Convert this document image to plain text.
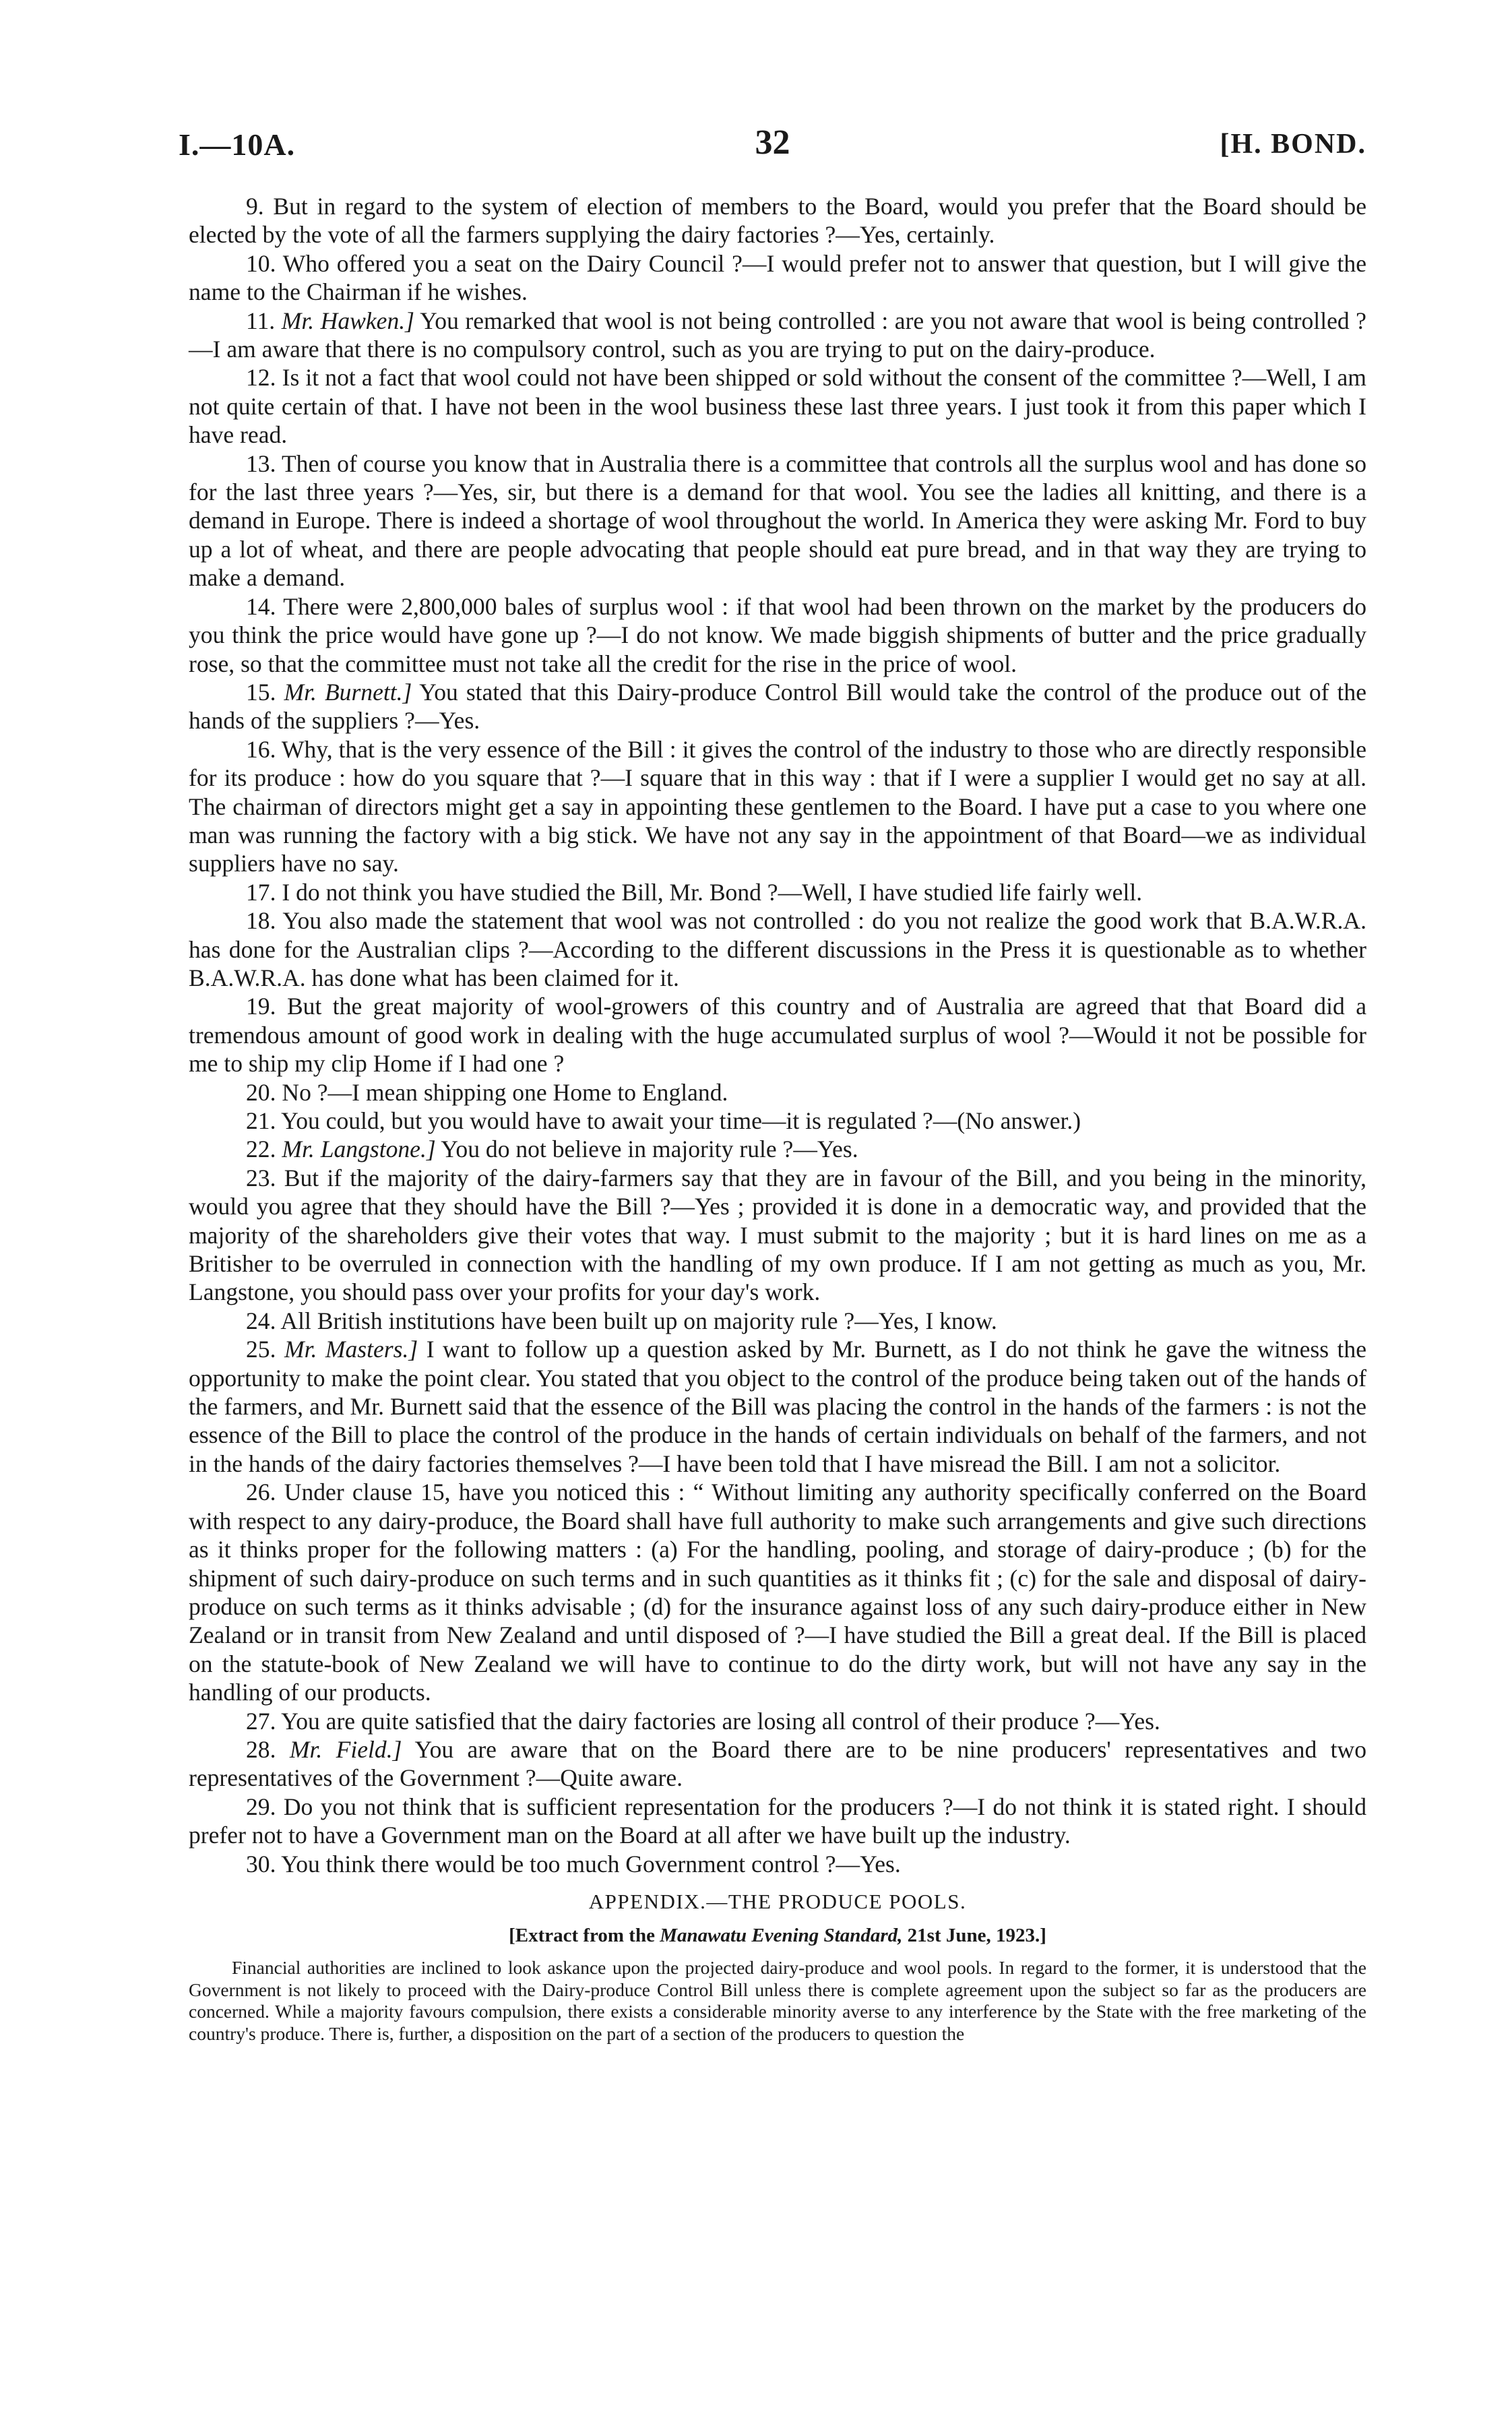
I.—10A.	32	[H. BOND.

9. But in regard to the system of election of members to the Board, would you prefer that the Board should be elected by the vote of all the farmers supplying the dairy factories ?—Yes, certainly.

10. Who offered you a seat on the Dairy Council ?—I would prefer not to answer that question, but I will give the name to the Chairman if he wishes.

11. Mr. Hawken.] You remarked that wool is not being controlled : are you not aware that wool is being controlled ?—I am aware that there is no compulsory control, such as you are trying to put on the dairy-produce.

12. Is it not a fact that wool could not have been shipped or sold without the consent of the committee ?—Well, I am not quite certain of that. I have not been in the wool business these last three years. I just took it from this paper which I have read.

13. Then of course you know that in Australia there is a committee that controls all the surplus wool and has done so for the last three years ?—Yes, sir, but there is a demand for that wool. You see the ladies all knitting, and there is a demand in Europe. There is indeed a shortage of wool throughout the world. In America they were asking Mr. Ford to buy up a lot of wheat, and there are people advocating that people should eat pure bread, and in that way they are trying to make a demand.

14. There were 2,800,000 bales of surplus wool : if that wool had been thrown on the market by the producers do you think the price would have gone up ?—I do not know. We made biggish shipments of butter and the price gradually rose, so that the committee must not take all the credit for the rise in the price of wool.

15. Mr. Burnett.] You stated that this Dairy-produce Control Bill would take the control of the produce out of the hands of the suppliers ?—Yes.

16. Why, that is the very essence of the Bill : it gives the control of the industry to those who are directly responsible for its produce : how do you square that ?—I square that in this way : that if I were a supplier I would get no say at all. The chairman of directors might get a say in appointing these gentlemen to the Board. I have put a case to you where one man was running the factory with a big stick. We have not any say in the appointment of that Board—we as individual suppliers have no say.

17. I do not think you have studied the Bill, Mr. Bond ?—Well, I have studied life fairly well.

18. You also made the statement that wool was not controlled : do you not realize the good work that B.A.W.R.A. has done for the Australian clips ?—According to the different discussions in the Press it is questionable as to whether B.A.W.R.A. has done what has been claimed for it.

19. But the great majority of wool-growers of this country and of Australia are agreed that that Board did a tremendous amount of good work in dealing with the huge accumulated surplus of wool ?—Would it not be possible for me to ship my clip Home if I had one ?

20. No ?—I mean shipping one Home to England.

21. You could, but you would have to await your time—it is regulated ?—(No answer.)

22. Mr. Langstone.] You do not believe in majority rule ?—Yes.

23. But if the majority of the dairy-farmers say that they are in favour of the Bill, and you being in the minority, would you agree that they should have the Bill ?—Yes ; provided it is done in a democratic way, and provided that the majority of the shareholders give their votes that way. I must submit to the majority ; but it is hard lines on me as a Britisher to be overruled in connection with the handling of my own produce. If I am not getting as much as you, Mr. Langstone, you should pass over your profits for your day's work.

24. All British institutions have been built up on majority rule ?—Yes, I know.

25. Mr. Masters.] I want to follow up a question asked by Mr. Burnett, as I do not think he gave the witness the opportunity to make the point clear. You stated that you object to the control of the produce being taken out of the hands of the farmers, and Mr. Burnett said that the essence of the Bill was placing the control in the hands of the farmers : is not the essence of the Bill to place the control of the produce in the hands of certain individuals on behalf of the farmers, and not in the hands of the dairy factories themselves ?—I have been told that I have misread the Bill. I am not a solicitor.

26. Under clause 15, have you noticed this : “ Without limiting any authority specifically conferred on the Board with respect to any dairy-produce, the Board shall have full authority to make such arrangements and give such directions as it thinks proper for the following matters : (a) For the handling, pooling, and storage of dairy-produce ; (b) for the shipment of such dairy-produce on such terms and in such quantities as it thinks fit ; (c) for the sale and disposal of dairy-produce on such terms as it thinks advisable ; (d) for the insurance against loss of any such dairy-produce either in New Zealand or in transit from New Zealand and until disposed of ?—I have studied the Bill a great deal. If the Bill is placed on the statute-book of New Zealand we will have to continue to do the dirty work, but will not have any say in the handling of our products.

27. You are quite satisfied that the dairy factories are losing all control of their produce ?—Yes.

28. Mr. Field.] You are aware that on the Board there are to be nine producers' representatives and two representatives of the Government ?—Quite aware.

29. Do you not think that is sufficient representation for the producers ?—I do not think it is stated right. I should prefer not to have a Government man on the Board at all after we have built up the industry.

30. You think there would be too much Government control ?—Yes.

APPENDIX.—THE PRODUCE POOLS.
[Extract from the Manawatu Evening Standard, 21st June, 1923.]

Financial authorities are inclined to look askance upon the projected dairy-produce and wool pools. In regard to the former, it is understood that the Government is not likely to proceed with the Dairy-produce Control Bill unless there is complete agreement upon the subject so far as the producers are concerned. While a majority favours compulsion, there exists a considerable minority averse to any interference by the State with the free marketing of the country's produce. There is, further, a disposition on the part of a section of the producers to question the
